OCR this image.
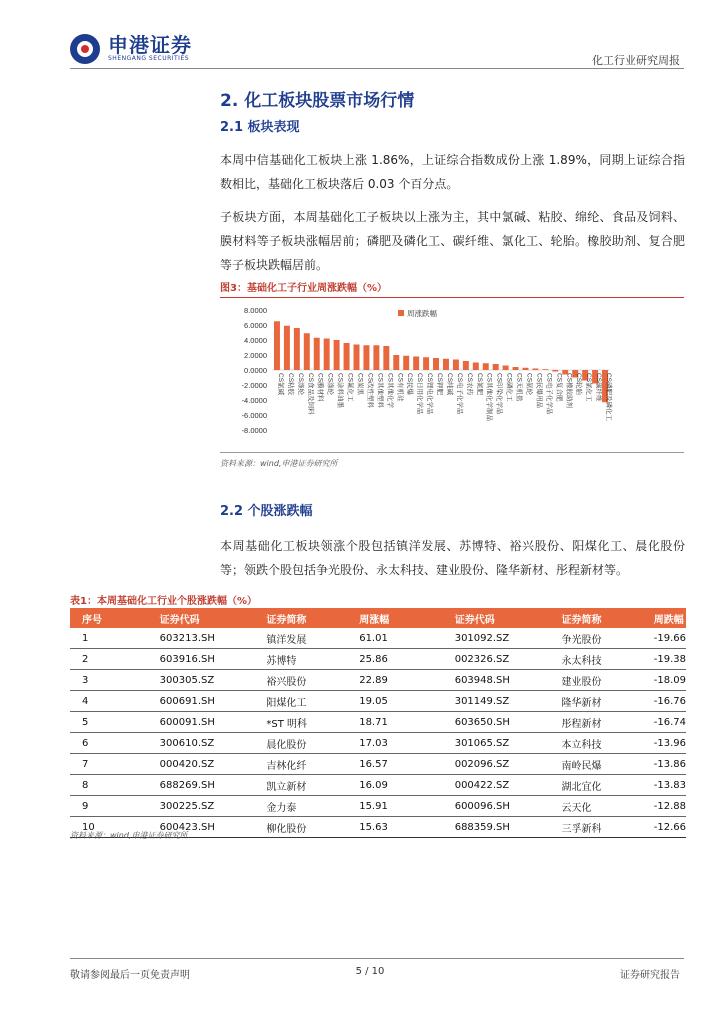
申港证券
SHENGANG SECURITIES	化工行业研究周报
2. 化工板块股票市场行情
2.1 板块表现
本周中信基础化工板块上涨 1.86%，上证综合指数成份上涨 1.89%，同期上证综合指数相比，基础化工板块落后 0.03 个百分点。
子板块方面，本周基础化工子板块以上涨为主，其中氯碱、粘胶、绵纶、食品及饲料、膜材料等子板块涨幅居前；磷肥及磷化工、碳纤维、氯化工、轮胎。橡胶助剂、复合肥等子板块跌幅居前。
图3：基础化工子行业周涨跌幅（%）
8.0000
6.0000
4.0000
2.0000
0.0000
-2.0000
-4.0000
-6.0000
-8.0000
CS氯碱 CS粘胶 CS涤纶 CS食品及饲料 CS膜材料 CS涤纶 CS涂料油墨 CS氟化工 CS炭黑 CS改性塑料 CS其他塑料 CS其他化学 CS有机硅 CS民爆 CS日用化学品 CS锂电化学品 CS钾肥 CS纯碱 CS电子化学品 CS农药 CS氮肥 CS其他化学制品 CS印染化学品 CS磷化工 CS无机盐 CS氨纶 CS民爆用品 CS电子化学品 CS复合肥 CS橡胶助剂 CS轮胎 CS氯化工 CS碳纤维 CS磷肥及磷化工
周涨跌幅
资料来源：wind,申港证券研究所
2.2 个股涨跌幅
本周基础化工板块领涨个股包括镇洋发展、苏博特、裕兴股份、阳煤化工、晨化股份等；领跌个股包括争光股份、永太科技、建业股份、隆华新材、彤程新材等。
表1：本周基础化工行业个股涨跌幅（%）
序号	证券代码	证券简称	周涨幅	证券代码	证券简称	周跌幅
1	603213.SH	镇洋发展	61.01	301092.SZ	争光股份	-19.66
2	603916.SH	苏博特	25.86	002326.SZ	永太科技	-19.38
3	300305.SZ	裕兴股份	22.89	603948.SH	建业股份	-18.09
4	600691.SH	阳煤化工	19.05	301149.SZ	隆华新材	-16.76
5	600091.SH	*ST 明科	18.71	603650.SH	彤程新材	-16.74
6	300610.SZ	晨化股份	17.03	301065.SZ	本立科技	-13.96
7	000420.SZ	吉林化纤	16.57	002096.SZ	南岭民爆	-13.86
8	688269.SH	凯立新材	16.09	000422.SZ	湖北宜化	-13.83
9	300225.SZ	金力泰	15.91	600096.SH	云天化	-12.88
10	600423.SH	柳化股份	15.63	688359.SH	三孚新科	-12.66
资料来源：wind,申港证券研究所
敬请参阅最后一页免责声明	5 / 10	证券研究报告
